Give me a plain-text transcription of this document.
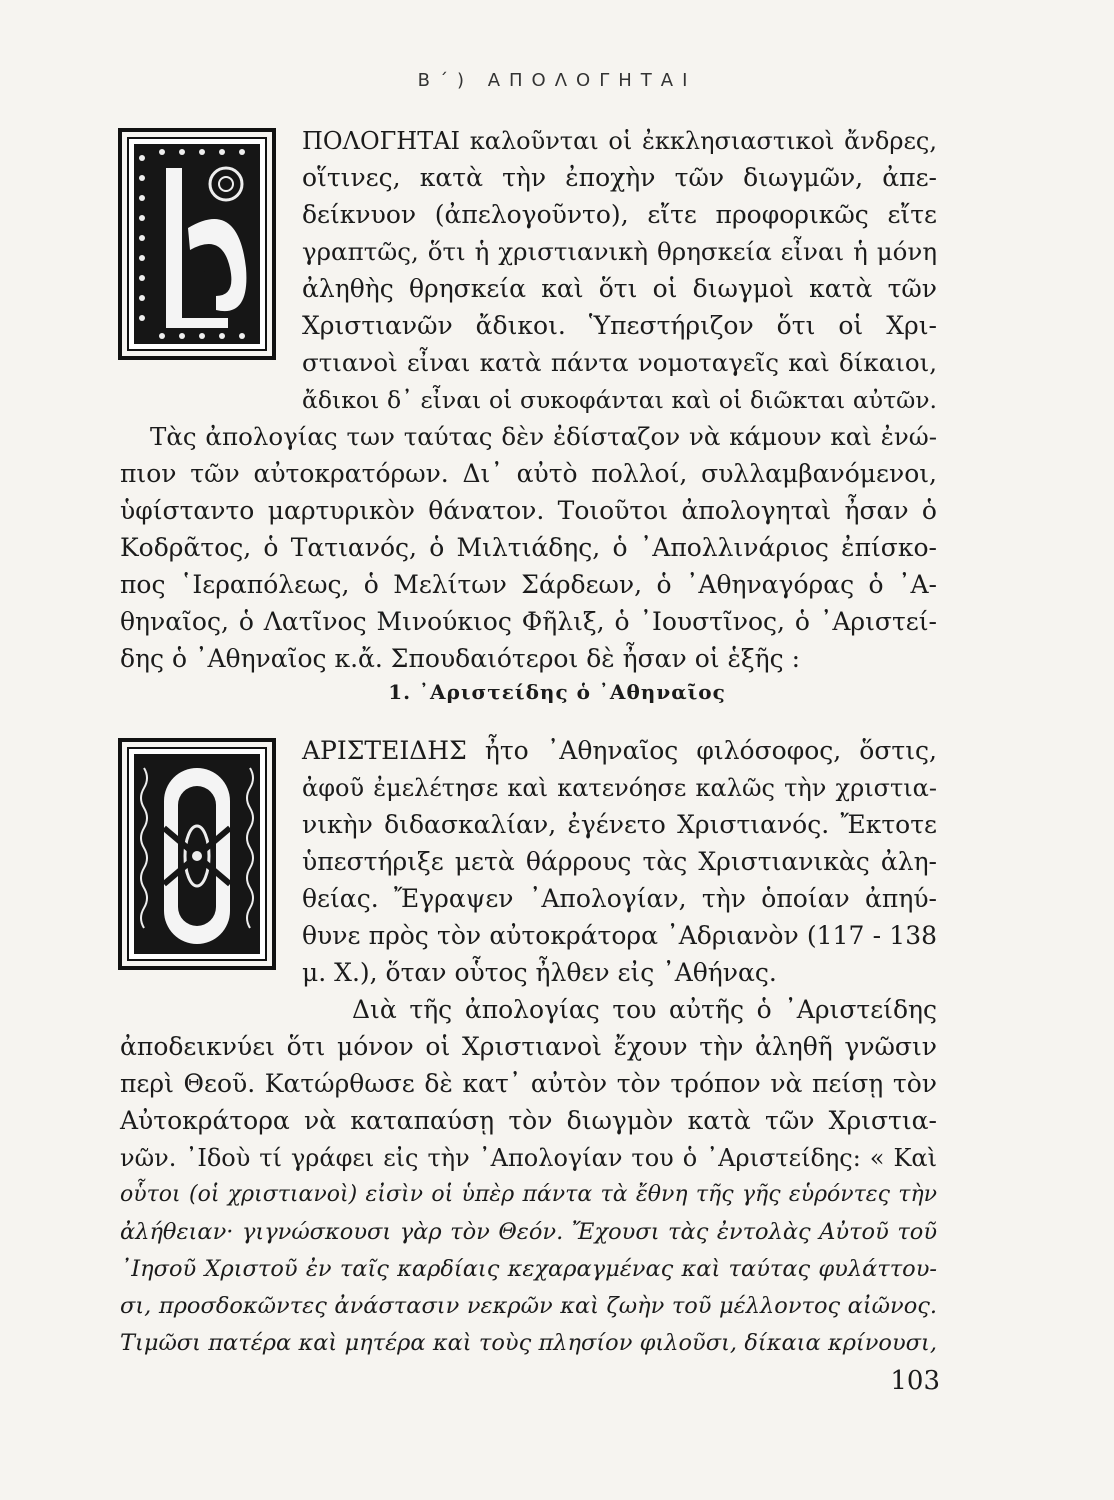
Β΄) ΑΠΟΛΟΓΗΤΑΙ
ΠΟΛΟΓΗΤΑΙ καλοῦνται οἱ ἐκκλησιαστικοὶ ἄνδρες,
οἵτινες, κατὰ τὴν ἐποχὴν τῶν διωγμῶν, ἀπε-
δείκνυον (ἀπελογοῦντο), εἴτε προφορικῶς εἴτε
γραπτῶς, ὅτι ἡ χριστιανικὴ θρησκεία εἶναι ἡ μόνη
ἀληθὴς θρησκεία καὶ ὅτι οἱ διωγμοὶ κατὰ τῶν
Χριστιανῶν ἄδικοι. Ὑπεστήριζον ὅτι οἱ Χρι-
στιανοὶ εἶναι κατὰ πάντα νομοταγεῖς καὶ δίκαιοι,
ἄδικοι δ᾿ εἶναι οἱ συκοφάνται καὶ οἱ διῶκται αὐτῶν.
Τὰς ἀπολογίας των ταύτας δὲν ἐδίσταζον νὰ κάμουν καὶ ἐνώ-
πιον τῶν αὐτοκρατόρων. Δι᾿ αὐτὸ πολλοί, συλλαμβανόμενοι,
ὑφίσταντο μαρτυρικὸν θάνατον. Τοιοῦτοι ἀπολογηταὶ ἦσαν ὁ
Κοδρᾶτος, ὁ Τατιανός, ὁ Μιλτιάδης, ὁ ᾿Απολλινάριος ἐπίσκο-
πος ῾Ιεραπόλεως, ὁ Μελίτων Σάρδεων, ὁ ᾿Αθηναγόρας ὁ ᾿Α-
θηναῖος, ὁ Λατῖνος Μινούκιος Φῆλιξ, ὁ ᾿Ιουστῖνος, ὁ ᾿Αριστεί-
δης ὁ ᾿Αθηναῖος κ.ἄ. Σπουδαιότεροι δὲ ἦσαν οἱ ἑξῆς :
1. ᾿Αριστείδης ὁ ᾿Αθηναῖος
ΑΡΙΣΤΕΙΔΗΣ ἦτο ᾿Αθηναῖος φιλόσοφος, ὅστις,
ἀφοῦ ἐμελέτησε καὶ κατενόησε καλῶς τὴν χριστια-
νικὴν διδασκαλίαν, ἐγένετο Χριστιανός. Ἔκτοτε
ὑπεστήριξε μετὰ θάρρους τὰς Χριστιανικὰς ἀλη-
θείας. Ἔγραψεν ᾿Απολογίαν, τὴν ὁποίαν ἀπηύ-
θυνε πρὸς τὸν αὐτοκράτορα ᾿Αδριανὸν (117 - 138
μ. Χ.), ὅταν οὗτος ἦλθεν εἰς ᾿Αθήνας.
Διὰ τῆς ἀπολογίας του αὐτῆς ὁ ᾿Αριστείδης
ἀποδεικνύει ὅτι μόνον οἱ Χριστιανοὶ ἔχουν τὴν ἀληθῆ γνῶσιν
περὶ Θεοῦ. Κατώρθωσε δὲ κατ᾿ αὐτὸν τὸν τρόπον νὰ πείσῃ τὸν
Αὐτοκράτορα νὰ καταπαύσῃ τὸν διωγμὸν κατὰ τῶν Χριστια-
νῶν. ᾿Ιδοὺ τί γράφει εἰς τὴν ᾿Απολογίαν του ὁ ᾿Αριστείδης: « Καὶ
οὗτοι (οἱ χριστιανοὶ) εἰσὶν οἱ ὑπὲρ πάντα τὰ ἔθνη τῆς γῆς εὑρόντες τὴν
ἀλήθειαν· γιγνώσκουσι γὰρ τὸν Θεόν. Ἔχουσι τὰς ἐντολὰς Αὐτοῦ τοῦ
᾿Ιησοῦ Χριστοῦ ἐν ταῖς καρδίαις κεχαραγμένας καὶ ταύτας φυλάττου-
σι, προσδοκῶντες ἀνάστασιν νεκρῶν καὶ ζωὴν τοῦ μέλλοντος αἰῶνος.
Τιμῶσι πατέρα καὶ μητέρα καὶ τοὺς πλησίον φιλοῦσι, δίκαια κρίνουσι,
103
